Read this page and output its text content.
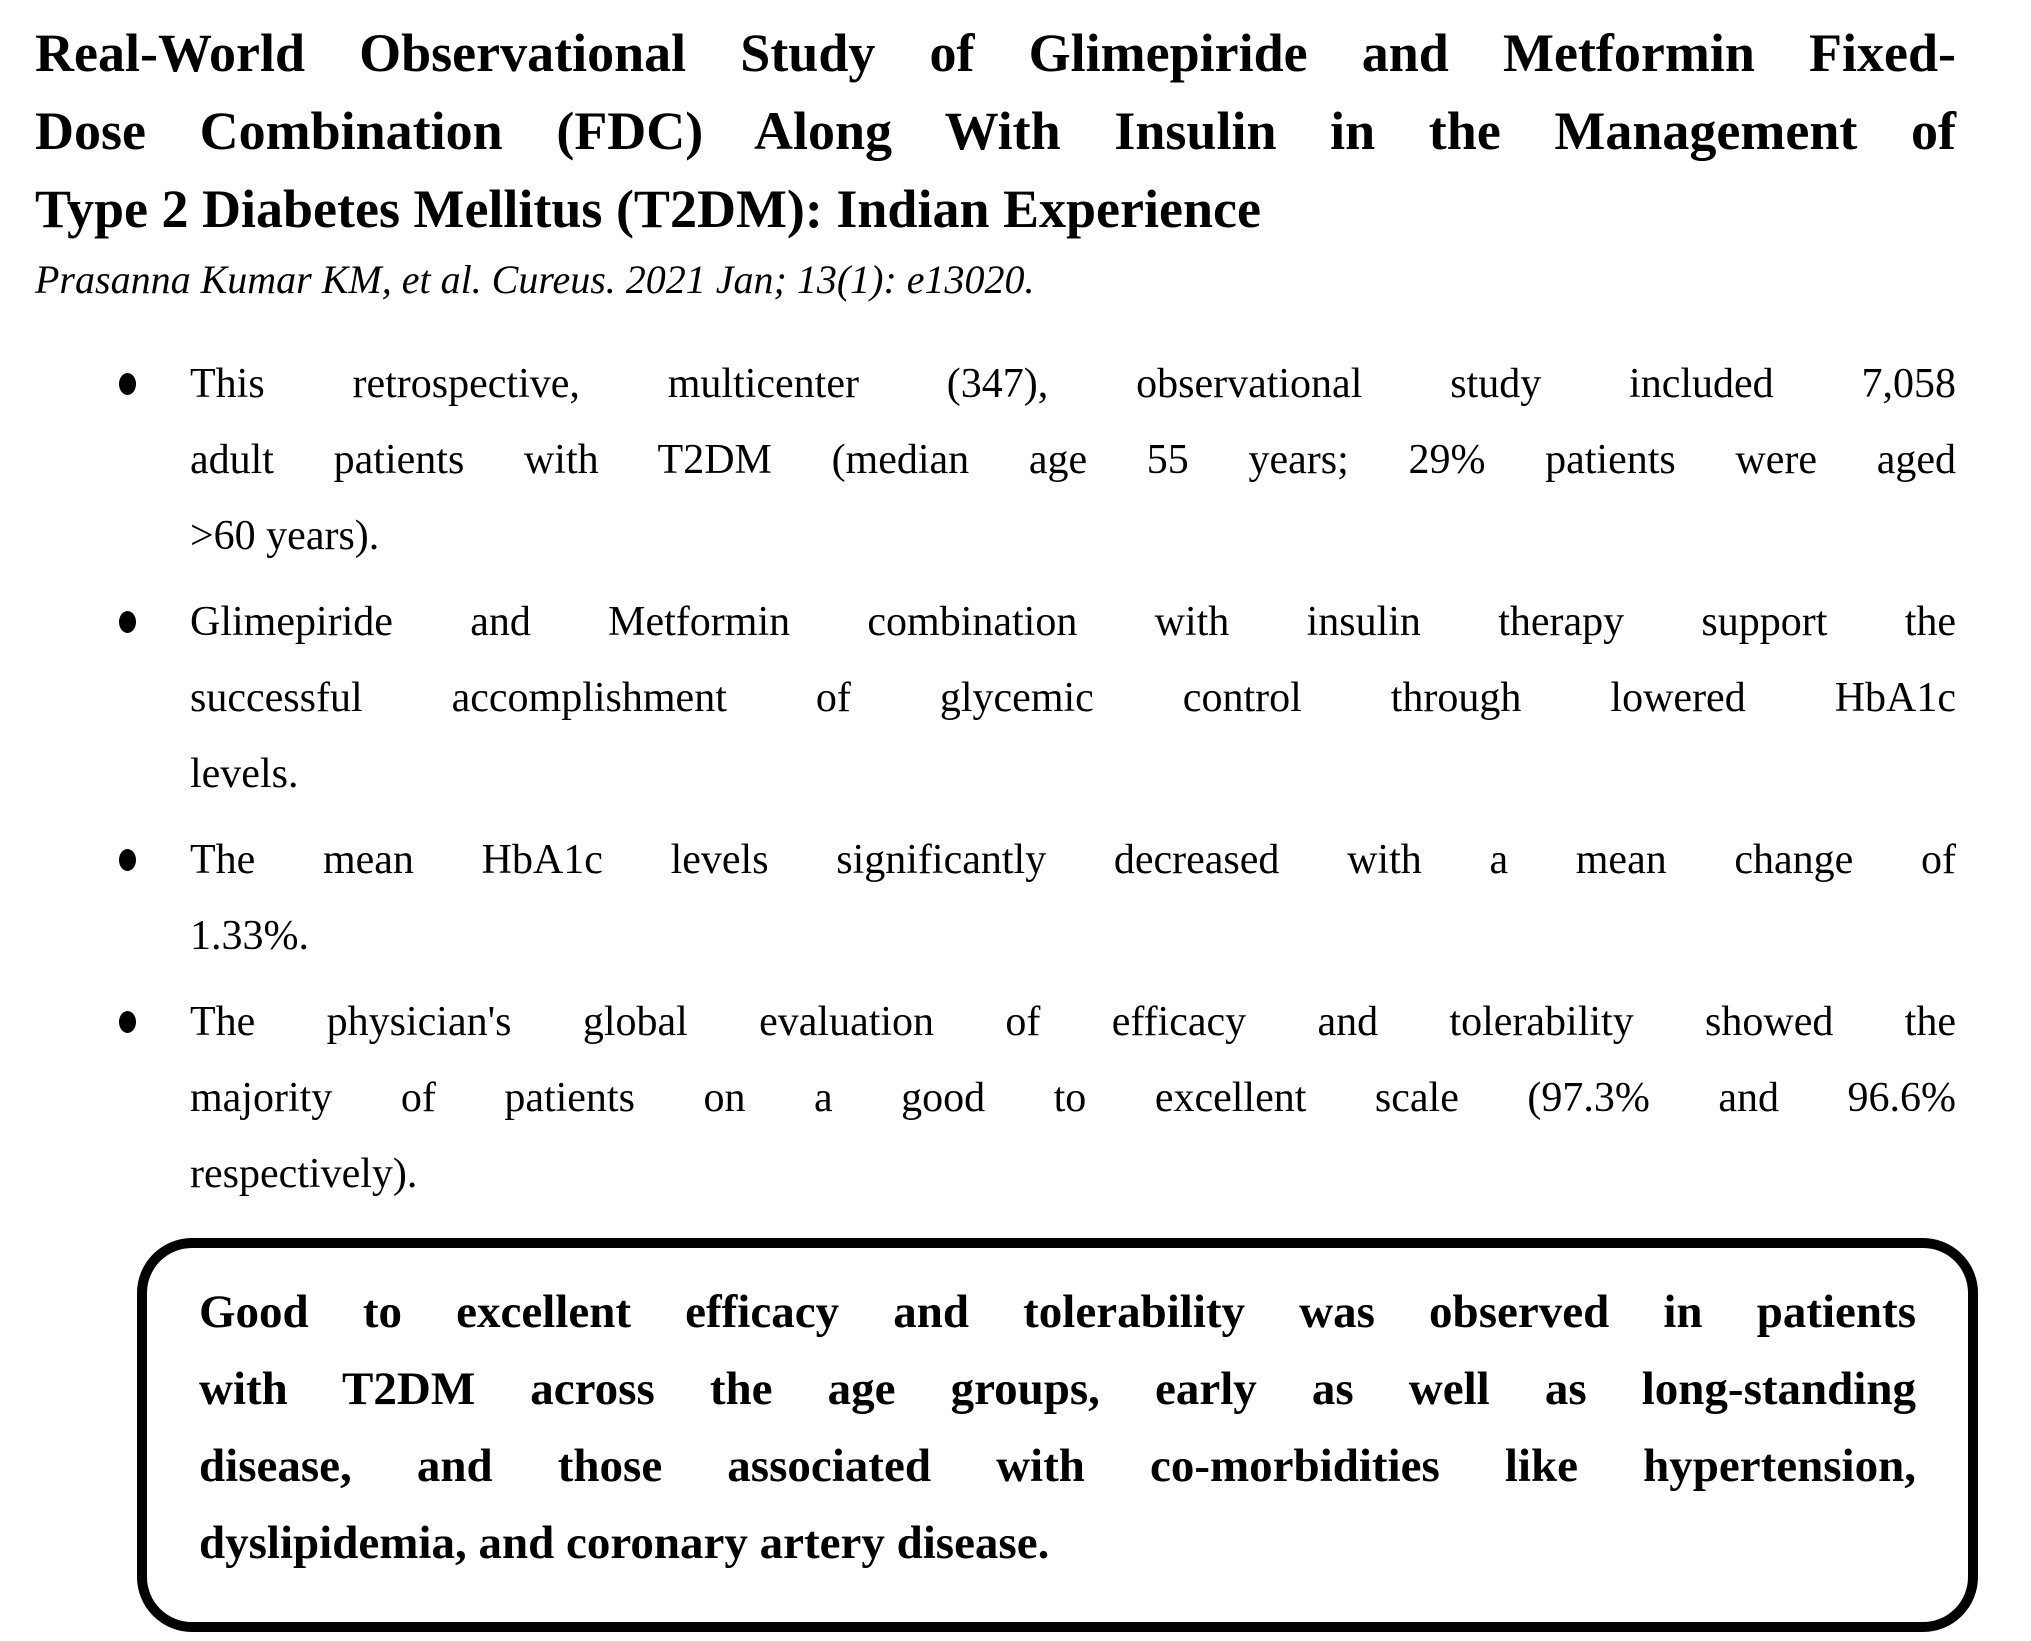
Real-World Observational Study of Glimepiride and Metformin Fixed-
Dose Combination (FDC) Along With Insulin in the Management of
Type 2 Diabetes Mellitus (T2DM): Indian Experience
Prasanna Kumar KM, et al. Cureus. 2021 Jan; 13(1): e13020.
This retrospective, multicenter (347), observational study included 7,058
adult patients with T2DM (median age 55 years; 29% patients were aged
>60 years).
Glimepiride and Metformin combination with insulin therapy support the
successful accomplishment of glycemic control through lowered HbA1c
levels.
The mean HbA1c levels significantly decreased with a mean change of
1.33%.
The physician's global evaluation of efficacy and tolerability showed the
majority of patients on a good to excellent scale (97.3% and 96.6%
respectively).
Good to excellent efficacy and tolerability was observed in patients
with T2DM across the age groups, early as well as long-standing
disease, and those associated with co-morbidities like hypertension,
dyslipidemia, and coronary artery disease.
